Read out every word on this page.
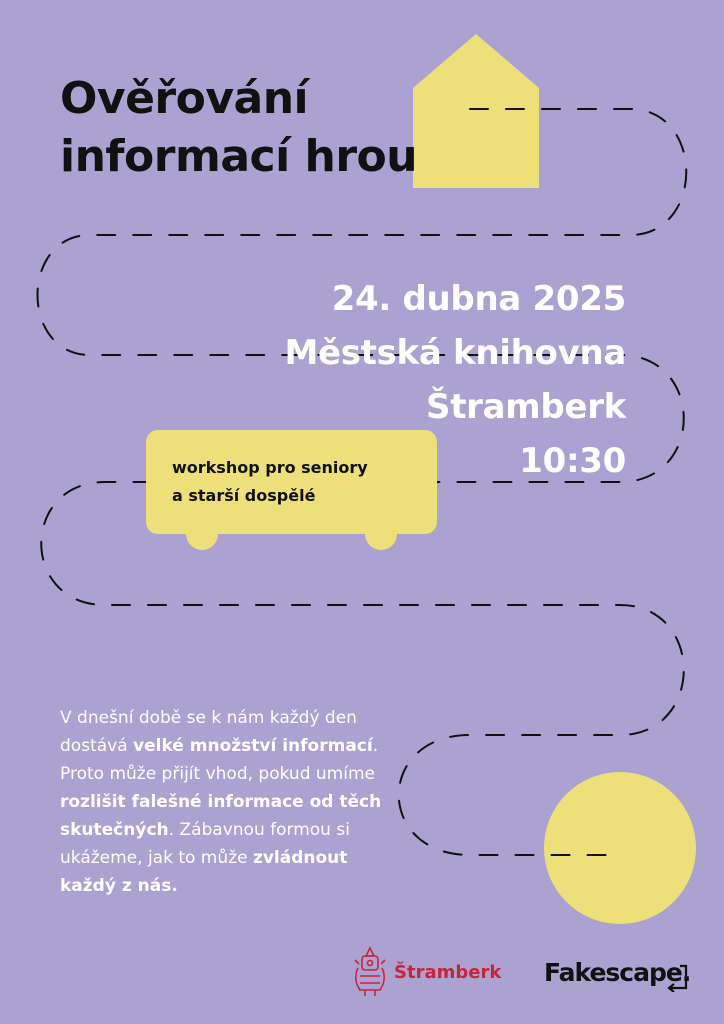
Ověřování
informací hrou
24. dubna 2025
Městská knihovna
Štramberk
10:30
workshop pro seniory
a starší dospělé

V dnešní době se k nám každý den dostává velké množství informací. Proto může přijít vhod, pokud umíme rozlišit falešné informace od těch skutečných. Zábavnou formou si ukážeme, jak to může zvládnout každý z nás.

Štramberk Fakescap e.
